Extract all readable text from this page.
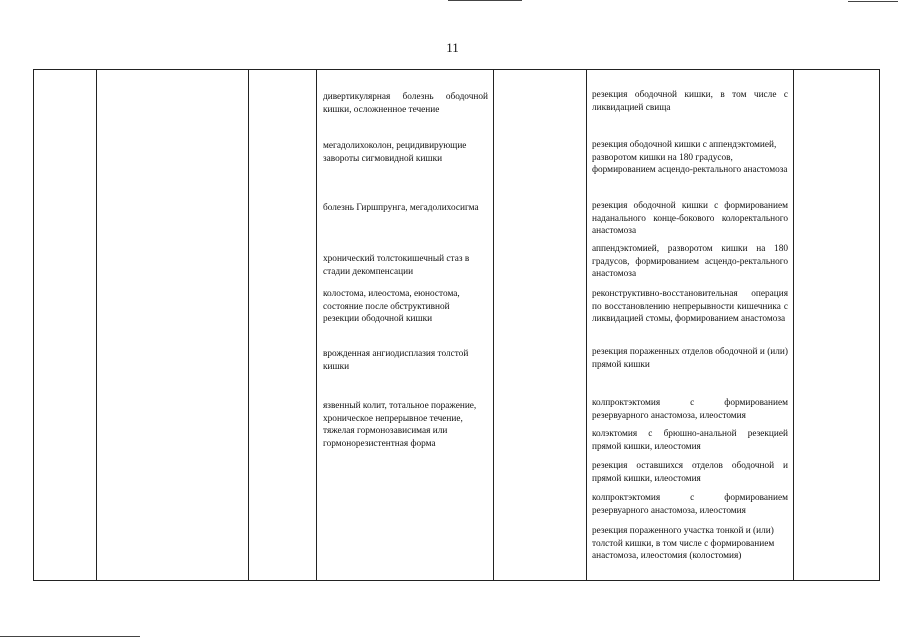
11

дивертикулярная болезнь ободочной кишки, осложненное течение

мегадолихоколон, рецидивирующие завороты сигмовидной кишки

болезнь Гиршпрунга, мегадолихосигма

хронический толстокишечный стаз в стадии декомпенсации

колостома, илеостома, еюностома, состояние после обструктивной резекции ободочной кишки

врожденная ангиодисплазия толстой кишки

язвенный колит, тотальное поражение, хроническое непрерывное течение, тяжелая гормонозависимая или гормонорезистентная форма

резекция ободочной кишки, в том числе с ликвидацией свища

резекция ободочной кишки с аппендэктомией, разворотом кишки на 180 градусов, формированием асцендо-ректального анастомоза

резекция ободочной кишки с формированием наданального конце-бокового колоректального анастомоза

аппендэктомией, разворотом кишки на 180 градусов, формированием асцендо-ректального анастомоза

реконструктивно-восстановительная операция по восстановлению непрерывности кишечника с ликвидацией стомы, формированием анастомоза

резекция пораженных отделов ободочной и (или) прямой кишки

колпроктэктомия с формированием резервуарного анастомоза, илеостомия

колэктомия с брюшно-анальной резекцией прямой кишки, илеостомия

резекция оставшихся отделов ободочной и прямой кишки, илеостомия

колпроктэктомия с формированием резервуарного анастомоза, илеостомия

резекция пораженного участка тонкой и (или) толстой кишки, в том числе с формированием анастомоза, илеостомия (колостомия)
